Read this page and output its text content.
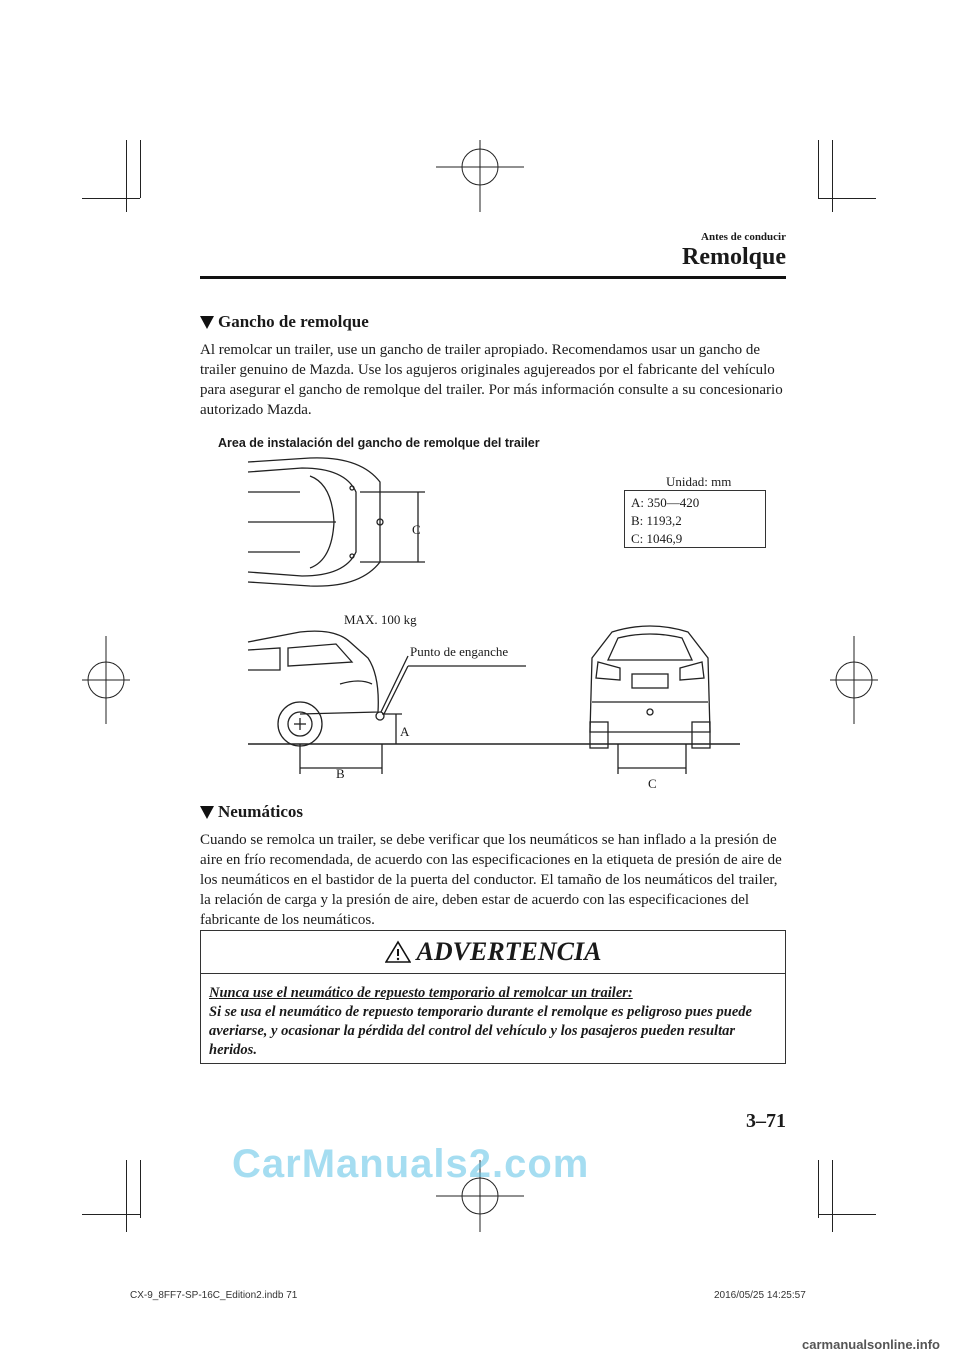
Antes de conducir
Remolque
Gancho de remolque
Al remolcar un trailer, use un gancho de trailer apropiado. Recomendamos usar un gancho de trailer genuino de Mazda. Use los agujeros originales agujereados por el fabricante del vehículo para asegurar el gancho de remolque del trailer. Por más información consulte a su concesionario autorizado Mazda.
Area de instalación del gancho de remolque del trailer
Unidad: mm
A: 350—420
B: 1193,2
C: 1046,9
C
MAX. 100 kg
Punto de enganche
A
B
C
Neumáticos
Cuando se remolca un trailer, se debe verificar que los neumáticos se han inflado a la presión de aire en frío recomendada, de acuerdo con las especificaciones en la etiqueta de presión de aire de los neumáticos en el bastidor de la puerta del conductor. El tamaño de los neumáticos del trailer, la relación de carga y la presión de aire, deben estar de acuerdo con las especificaciones del fabricante de los neumáticos.
ADVERTENCIA
Nunca use el neumático de repuesto temporario al remolcar un trailer:
Si se usa el neumático de repuesto temporario durante el remolque es peligroso pues puede averiarse, y ocasionar la pérdida del control del vehículo y los pasajeros pueden resultar heridos.
3–71
CarManuals2.com
CX-9_8FF7-SP-16C_Edition2.indb 71	2016/05/25 14:25:57
carmanualsonline.info
